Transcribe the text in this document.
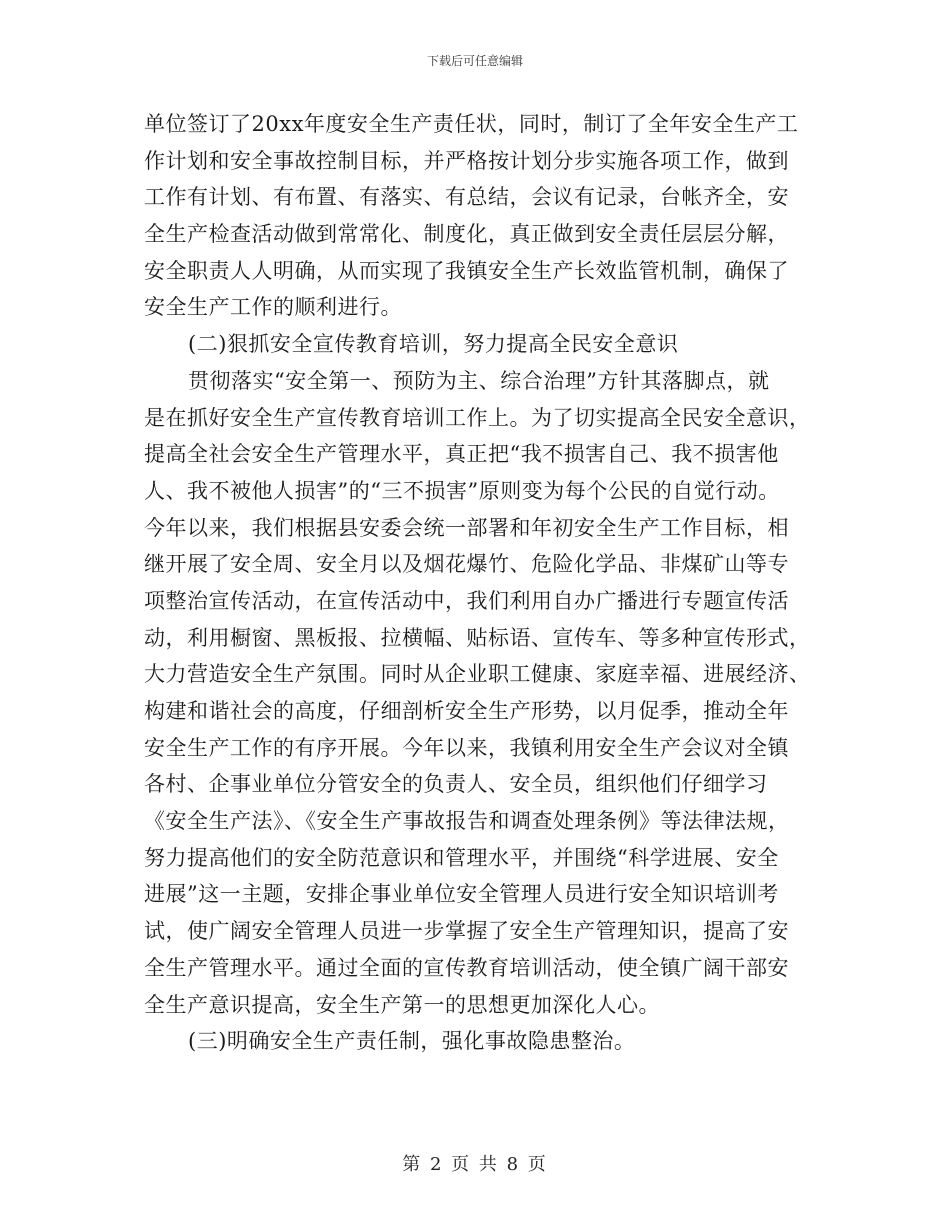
下载后可任意编辑
单位签订了20xx年度安全生产责任状，同时，制订了全年安全生产工
作计划和安全事故控制目标，并严格按计划分步实施各项工作，做到
工作有计划、有布置、有落实、有总结，会议有记录，台帐齐全，安
全生产检查活动做到常常化、制度化，真正做到安全责任层层分解，
安全职责人人明确，从而实现了我镇安全生产长效监管机制，确保了
安全生产工作的顺利进行。
(二)狠抓安全宣传教育培训，努力提高全民安全意识
贯彻落实“安全第一、预防为主、综合治理”方针其落脚点，就
是在抓好安全生产宣传教育培训工作上。为了切实提高全民安全意识，
提高全社会安全生产管理水平，真正把“我不损害自己、我不损害他
人、我不被他人损害”的“三不损害”原则变为每个公民的自觉行动。
今年以来，我们根据县安委会统一部署和年初安全生产工作目标，相
继开展了安全周、安全月以及烟花爆竹、危险化学品、非煤矿山等专
项整治宣传活动，在宣传活动中，我们利用自办广播进行专题宣传活
动，利用橱窗、黑板报、拉横幅、贴标语、宣传车、等多种宣传形式，
大力营造安全生产氛围。同时从企业职工健康、家庭幸福、进展经济、
构建和谐社会的高度，仔细剖析安全生产形势，以月促季，推动全年
安全生产工作的有序开展。今年以来，我镇利用安全生产会议对全镇
各村、企事业单位分管安全的负责人、安全员，组织他们仔细学习
《安全生产法》、《安全生产事故报告和调查处理条例》等法律法规，
努力提高他们的安全防范意识和管理水平，并围绕“科学进展、安全
进展”这一主题，安排企事业单位安全管理人员进行安全知识培训考
试，使广阔安全管理人员进一步掌握了安全生产管理知识，提高了安
全生产管理水平。通过全面的宣传教育培训活动，使全镇广阔干部安
全生产意识提高，安全生产第一的思想更加深化人心。
(三)明确安全生产责任制，强化事故隐患整治。
第 2 页 共 8 页
